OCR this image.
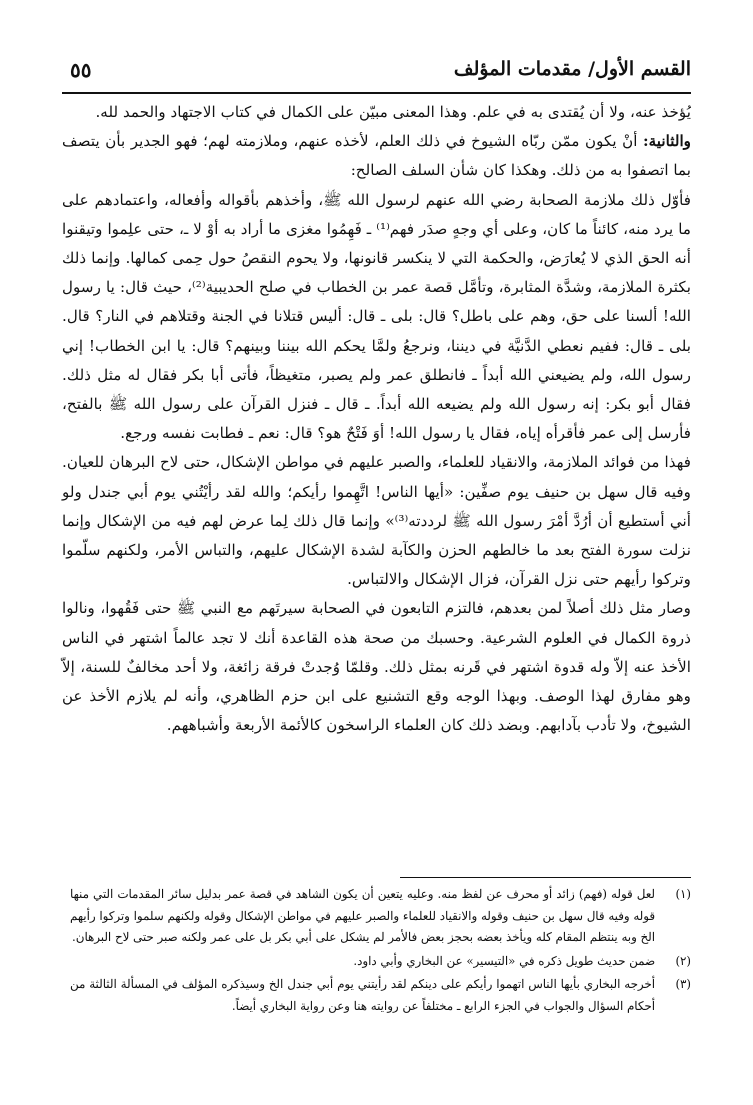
٥٥	القسم الأول/ مقدمات المؤلف

يُؤخذ عنه، ولا أن يُقتدى به في علم. وهذا المعنى مبيّن على الكمال في كتاب الاجتهاد والحمد لله.

والثانية: أنْ يكون ممّن ربّاه الشيوخ في ذلك العلم، لأخذه عنهم، وملازمته لهم؛ فهو الجدير بأن يتصف بما اتصفوا به من ذلك. وهكذا كان شأن السلف الصالح:

فأوّل ذلك ملازمة الصحابة رضي الله عنهم لرسول الله ﷺ، وأخذهم بأقواله وأفعاله، واعتمادهم على ما يرد منه، كائناً ما كان، وعلى أي وجهٍ صدَر فهم⁽¹⁾ ـ فَهِمُوا مغزى ما أراد به أوْ لا ـ، حتى علِموا وتيقنوا أنه الحق الذي لا يُعارَض، والحكمة التي لا ينكسر قانونها، ولا يحوم النقصُ حول حِمى كمالها. وإنما ذلك بكثرة الملازمة، وشدَّة المثابرة، وتأمَّل قصة عمر بن الخطاب في صلح الحديبية⁽²⁾، حيث قال: يا رسول الله! ألسنا على حق، وهم على باطل؟ قال: بلى ـ قال: أليس قتلانا في الجنة وقتلاهم في النار؟ قال. بلى ـ قال: ففيم نعطي الدَّنيَّة في ديننا، ونرجعُ ولمَّا يحكم الله بيننا وبينهم؟ قال: يا ابن الخطاب! إني رسول الله، ولم يضيعني الله أبداً ـ فانطلق عمر ولم يصبر، متغيظاً، فأتى أبا بكر فقال له مثل ذلك. فقال أبو بكر: إنه رسول الله ولم يضيعه الله أبداً. ـ قال ـ فنزل القرآن على رسول الله ﷺ بالفتح، فأرسل إلى عمر فأقرأه إياه، فقال يا رسول الله! أوَ فَتْحٌ هو؟ قال: نعم ـ فطابت نفسه ورجع.

فهذا من فوائد الملازمة، والانقياد للعلماء، والصبر عليهم في مواطن الإشكال، حتى لاح البرهان للعيان. وفيه قال سهل بن حنيف يوم صفِّين: «أيها الناس! اتَّهِموا رأيكم؛ والله لقد رأيْتُني يوم أبي جندل ولو أني أستطيع أن أرُدَّ أمْرَ رسول الله ﷺ لرددته⁽³⁾» وإنما قال ذلك لِما عرض لهم فيه من الإشكال وإنما نزلت سورة الفتح بعد ما خالطهم الحزن والكآبة لشدة الإشكال عليهم، والتباس الأمر، ولكنهم سلّموا وتركوا رأيهم حتى نزل القرآن، فزال الإشكال والالتباس.

وصار مثل ذلك أصلاً لمن بعدهم، فالتزم التابعون في الصحابة سيرتَهم مع النبي ﷺ حتى فَقُهوا، ونالوا ذروة الكمال في العلوم الشرعية. وحسبك من صحة هذه القاعدة أنك لا تجد عالماً اشتهر في الناس الأخذ عنه إلاّ وله قدوة اشتهر في قَرنه بمثل ذلك. وقلمّا وُجدتْ فرقة زائغة، ولا أحد مخالفٌ للسنة، إلاّ وهو مفارق لهذا الوصف. وبهذا الوجه وقع التشنيع على ابن حزم الظاهري، وأنه لم يلازم الأخذ عن الشيوخ، ولا تأدب بآدابهم. وبضد ذلك كان العلماء الراسخون كالأئمة الأربعة وأشباههم.

(١)
لعل قوله (فهم) زائد أو محرف عن لفظ منه. وعليه يتعين أن يكون الشاهد في قصة عمر بدليل سائر المقدمات التي منها قوله وفيه قال سهل بن حنيف وقوله والانقياد للعلماء والصبر عليهم في مواطن الإشكال وقوله ولكنهم سلموا وتركوا رأيهم الخ وبه ينتظم المقام كله ويأخذ بعضه بحجز بعض فالأمر لم يشكل على أبي بكر بل على عمر ولكنه صبر حتى لاح البرهان.
(٢)
ضمن حديث طويل ذكره في «التيسير» عن البخاري وأبي داود.
(٣)
أخرجه البخاري بأيها الناس اتهموا رأيكم على دينكم لقد رأيتني يوم أبي جندل الخ وسيذكره المؤلف في المسألة الثالثة من أحكام السؤال والجواب في الجزء الرابع ـ مختلفاً عن روايته هنا وعن رواية البخاري أيضاً.
